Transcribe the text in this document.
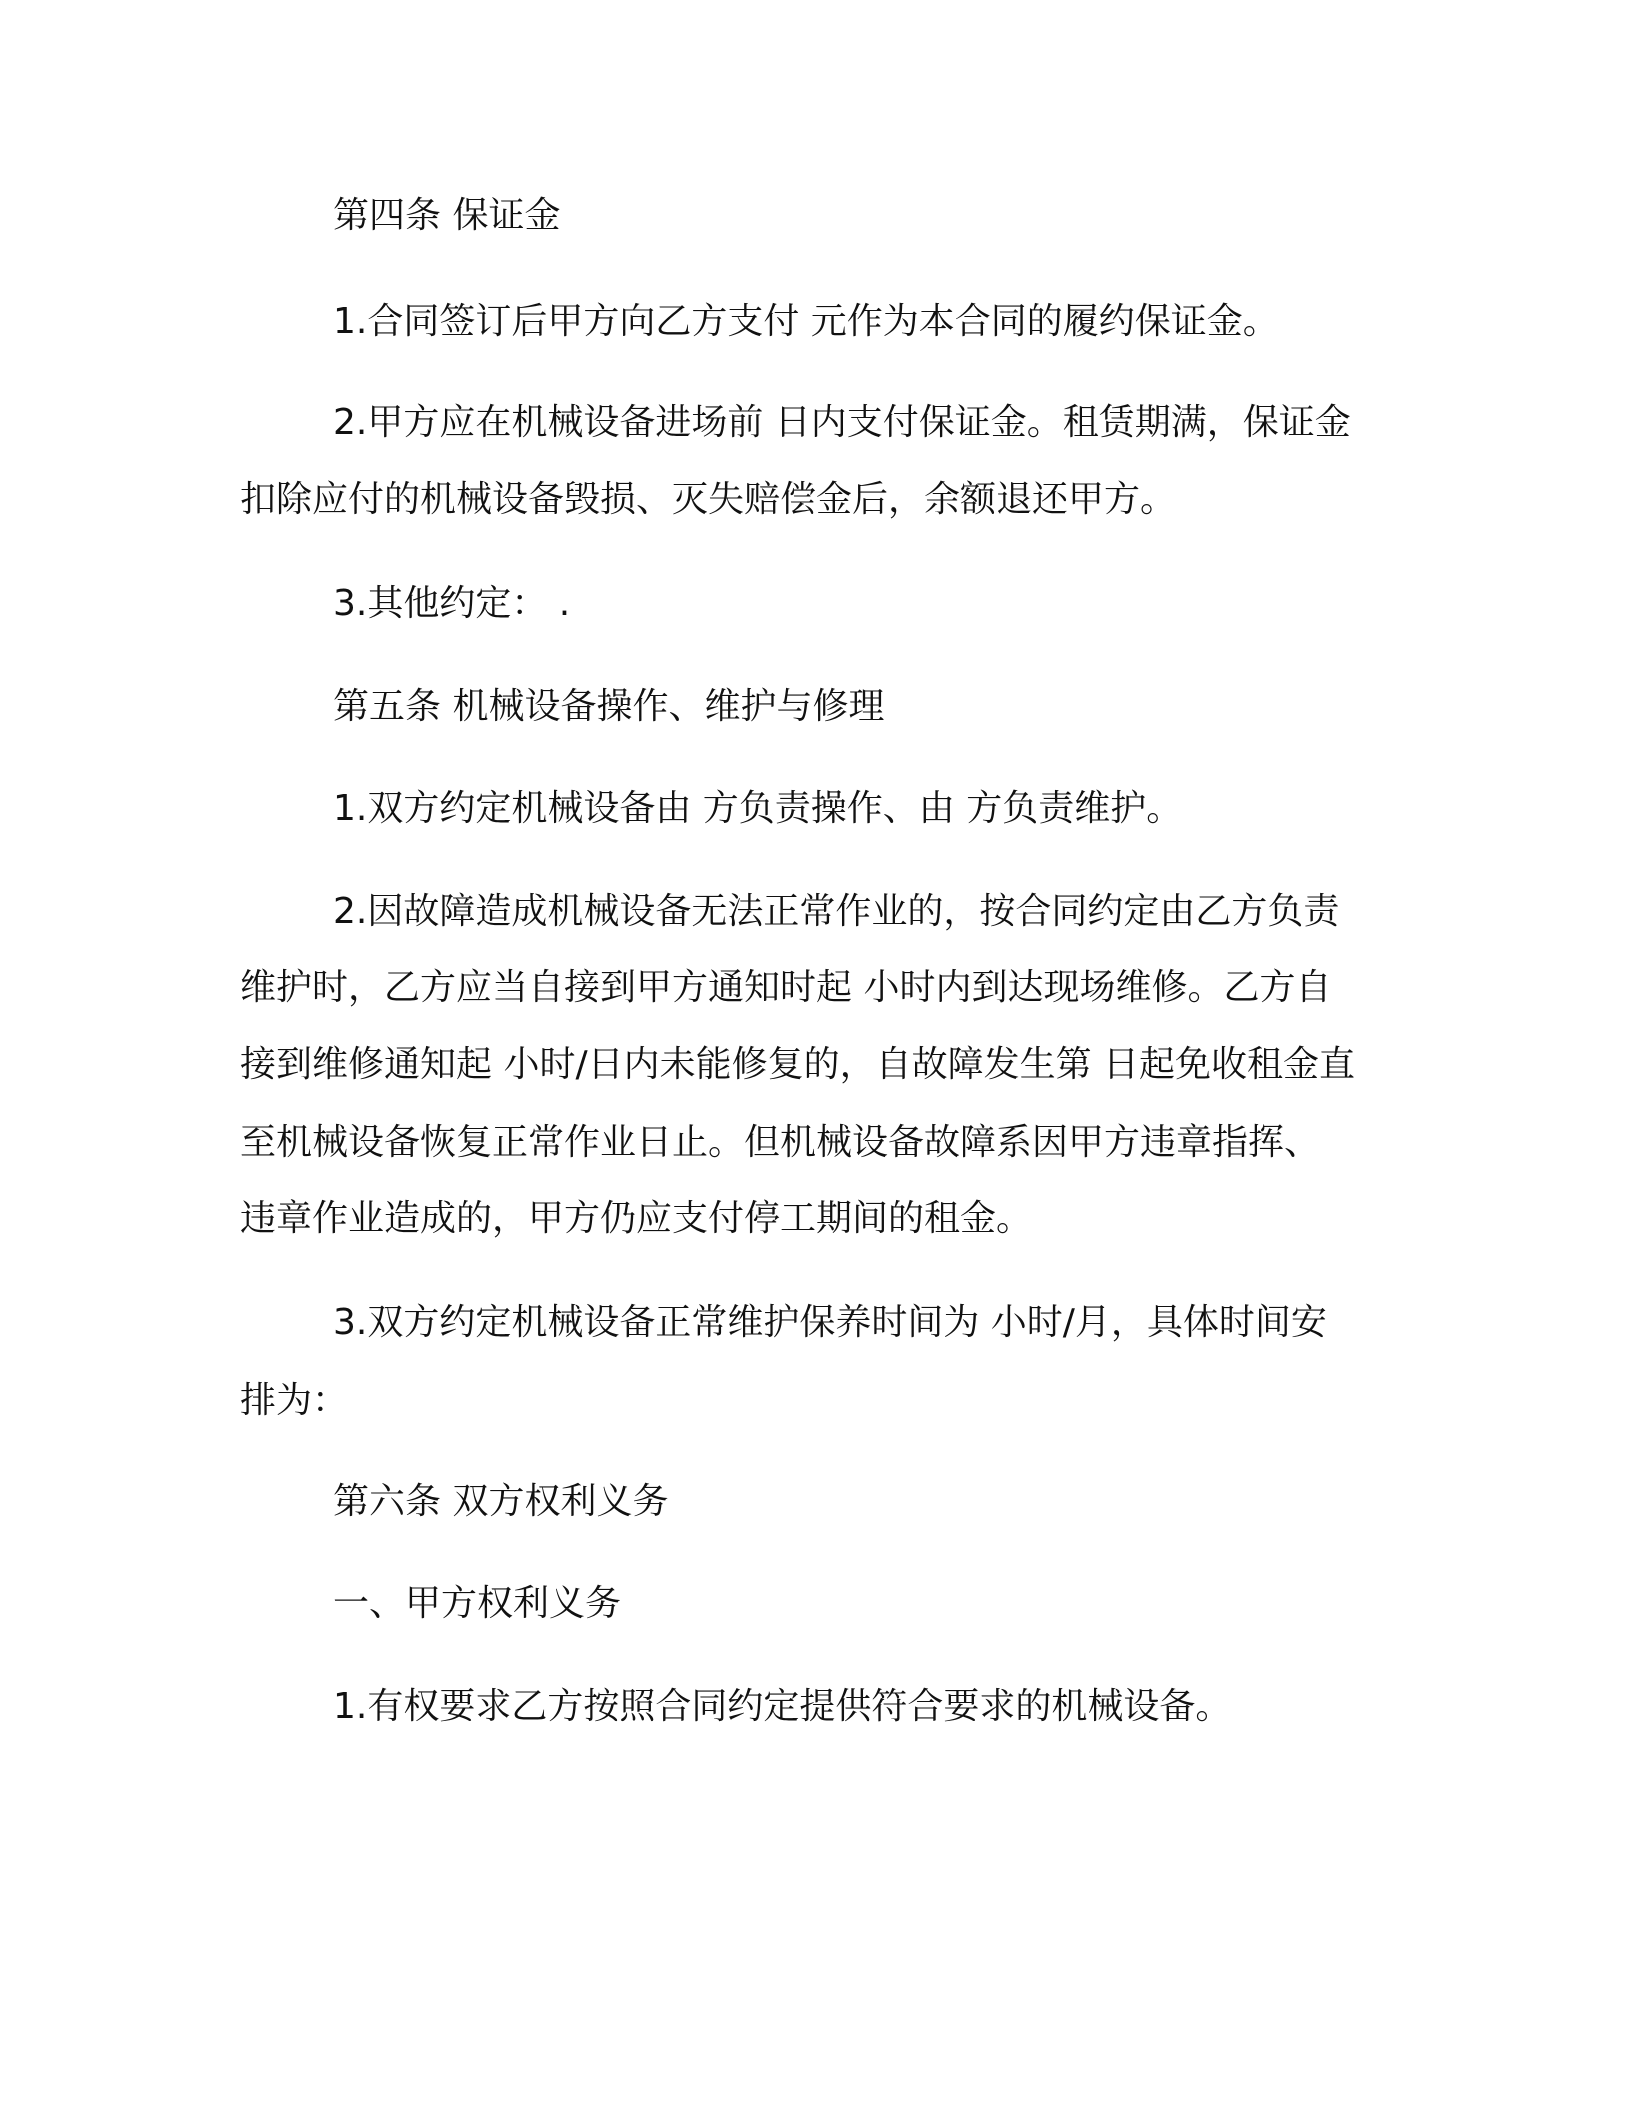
第四条 保证金
1.合同签订后甲方向乙方支付 元作为本合同的履约保证金。
2.甲方应在机械设备进场前 日内支付保证金。租赁期满，保证金
扣除应付的机械设备毁损、灭失赔偿金后，余额退还甲方。
3.其他约定： .
第五条 机械设备操作、维护与修理
1.双方约定机械设备由 方负责操作、由 方负责维护。
2.因故障造成机械设备无法正常作业的，按合同约定由乙方负责
维护时，乙方应当自接到甲方通知时起 小时内到达现场维修。乙方自
接到维修通知起 小时/日内未能修复的，自故障发生第 日起免收租金直
至机械设备恢复正常作业日止。但机械设备故障系因甲方违章指挥、
违章作业造成的，甲方仍应支付停工期间的租金。
3.双方约定机械设备正常维护保养时间为 小时/月，具体时间安
排为：
第六条 双方权利义务
一、甲方权利义务
1.有权要求乙方按照合同约定提供符合要求的机械设备。
